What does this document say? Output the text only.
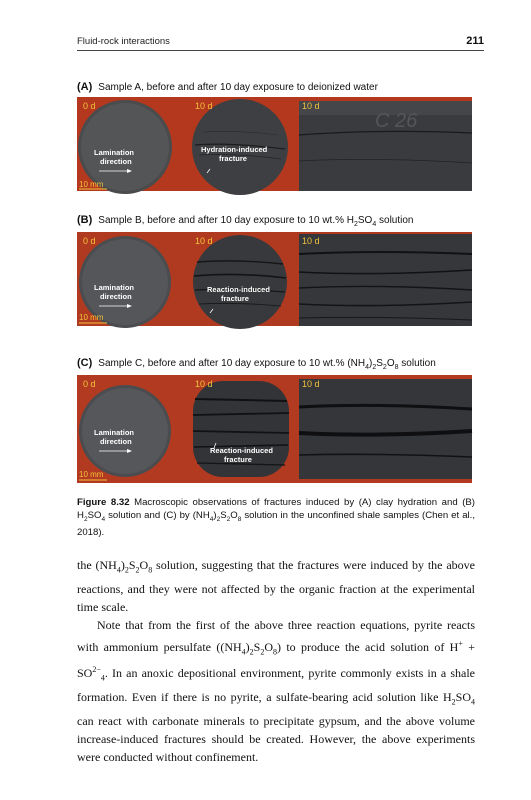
Fluid-rock interactions	211
(A) Sample A, before and after 10 day exposure to deionized water
C 26
0 d	10 d	10 d
Lamination
direction
Hydration-induced
fracture
10 mm
(B) Sample B, before and after 10 day exposure to 10 wt.% $H_2SO_4$ solution
0 d	10 d	10 d
Lamination
direction
Reaction-induced
fracture
10 mm
(C) Sample C, before and after 10 day exposure to 10 wt.% $(NH_4)_2S_2O_8$ solution
0 d	10 d	10 d
Lamination
direction
Reaction-induced
fracture
10 mm
Figure 8.32 Macroscopic observations of fractures induced by (A) clay hydration and (B) $H_2SO_4$ solution and (C) by $(NH_4)_2S_2O_8$ solution in the unconfined shale samples (Chen et al., 2018).

the $(NH_4)_2S_2O_8$ solution, suggesting that the fractures were induced by the above reactions, and they were not affected by the organic fraction at the experimental time scale.

Note that from the first of the above three reaction equations, pyrite reacts with ammonium persulfate $((NH_4)_2S_2O_8)$ to produce the acid solution of $H^+ + SO^{2-}_4$. In an anoxic depositional environment, pyrite commonly exists in a shale formation. Even if there is no pyrite, a sulfate-bearing acid solution like $H_2SO_4$ can react with carbonate minerals to precipitate gypsum, and the above volume increase-induced fractures should be created. However, the above experiments were conducted without confinement.
